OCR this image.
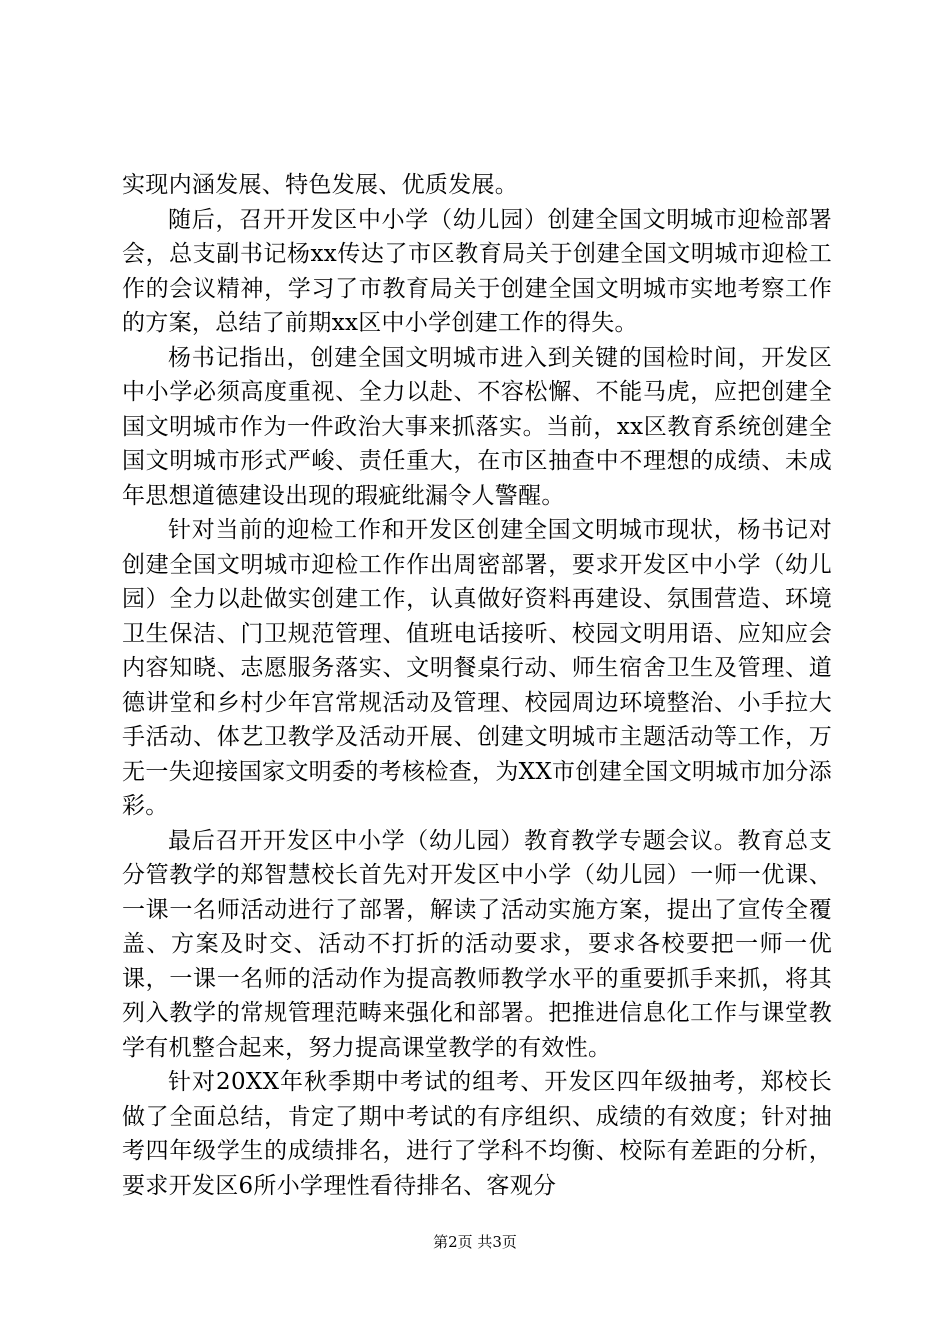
实现内涵发展、特色发展、优质发展。

随后，召开开发区中小学（幼儿园）创建全国文明城市迎检部署会，总支副书记杨xx传达了市区教育局关于创建全国文明城市迎检工作的会议精神，学习了市教育局关于创建全国文明城市实地考察工作的方案，总结了前期xx区中小学创建工作的得失。

杨书记指出，创建全国文明城市进入到关键的国检时间，开发区中小学必须高度重视、全力以赴、不容松懈、不能马虎，应把创建全国文明城市作为一件政治大事来抓落实。当前，xx区教育系统创建全国文明城市形式严峻、责任重大，在市区抽查中不理想的成绩、未成年思想道德建设出现的瑕疵纰漏令人警醒。

针对当前的迎检工作和开发区创建全国文明城市现状，杨书记对创建全国文明城市迎检工作作出周密部署，要求开发区中小学（幼儿园）全力以赴做实创建工作，认真做好资料再建设、氛围营造、环境卫生保洁、门卫规范管理、值班电话接听、校园文明用语、应知应会内容知晓、志愿服务落实、文明餐桌行动、师生宿舍卫生及管理、道德讲堂和乡村少年宫常规活动及管理、校园周边环境整治、小手拉大手活动、体艺卫教学及活动开展、创建文明城市主题活动等工作，万无一失迎接国家文明委的考核检查，为XX市创建全国文明城市加分添彩。

最后召开开发区中小学（幼儿园）教育教学专题会议。教育总支分管教学的郑智慧校长首先对开发区中小学（幼儿园）一师一优课、一课一名师活动进行了部署，解读了活动实施方案，提出了宣传全覆盖、方案及时交、活动不打折的活动要求，要求各校要把一师一优课，一课一名师的活动作为提高教师教学水平的重要抓手来抓，将其列入教学的常规管理范畴来强化和部署。把推进信息化工作与课堂教学有机整合起来，努力提高课堂教学的有效性。

针对20XX年秋季期中考试的组考、开发区四年级抽考，郑校长做了全面总结，肯定了期中考试的有序组织、成绩的有效度；针对抽考四年级学生的成绩排名，进行了学科不均衡、校际有差距的分析，要求开发区6所小学理性看待排名、客观分

第2页 共3页
